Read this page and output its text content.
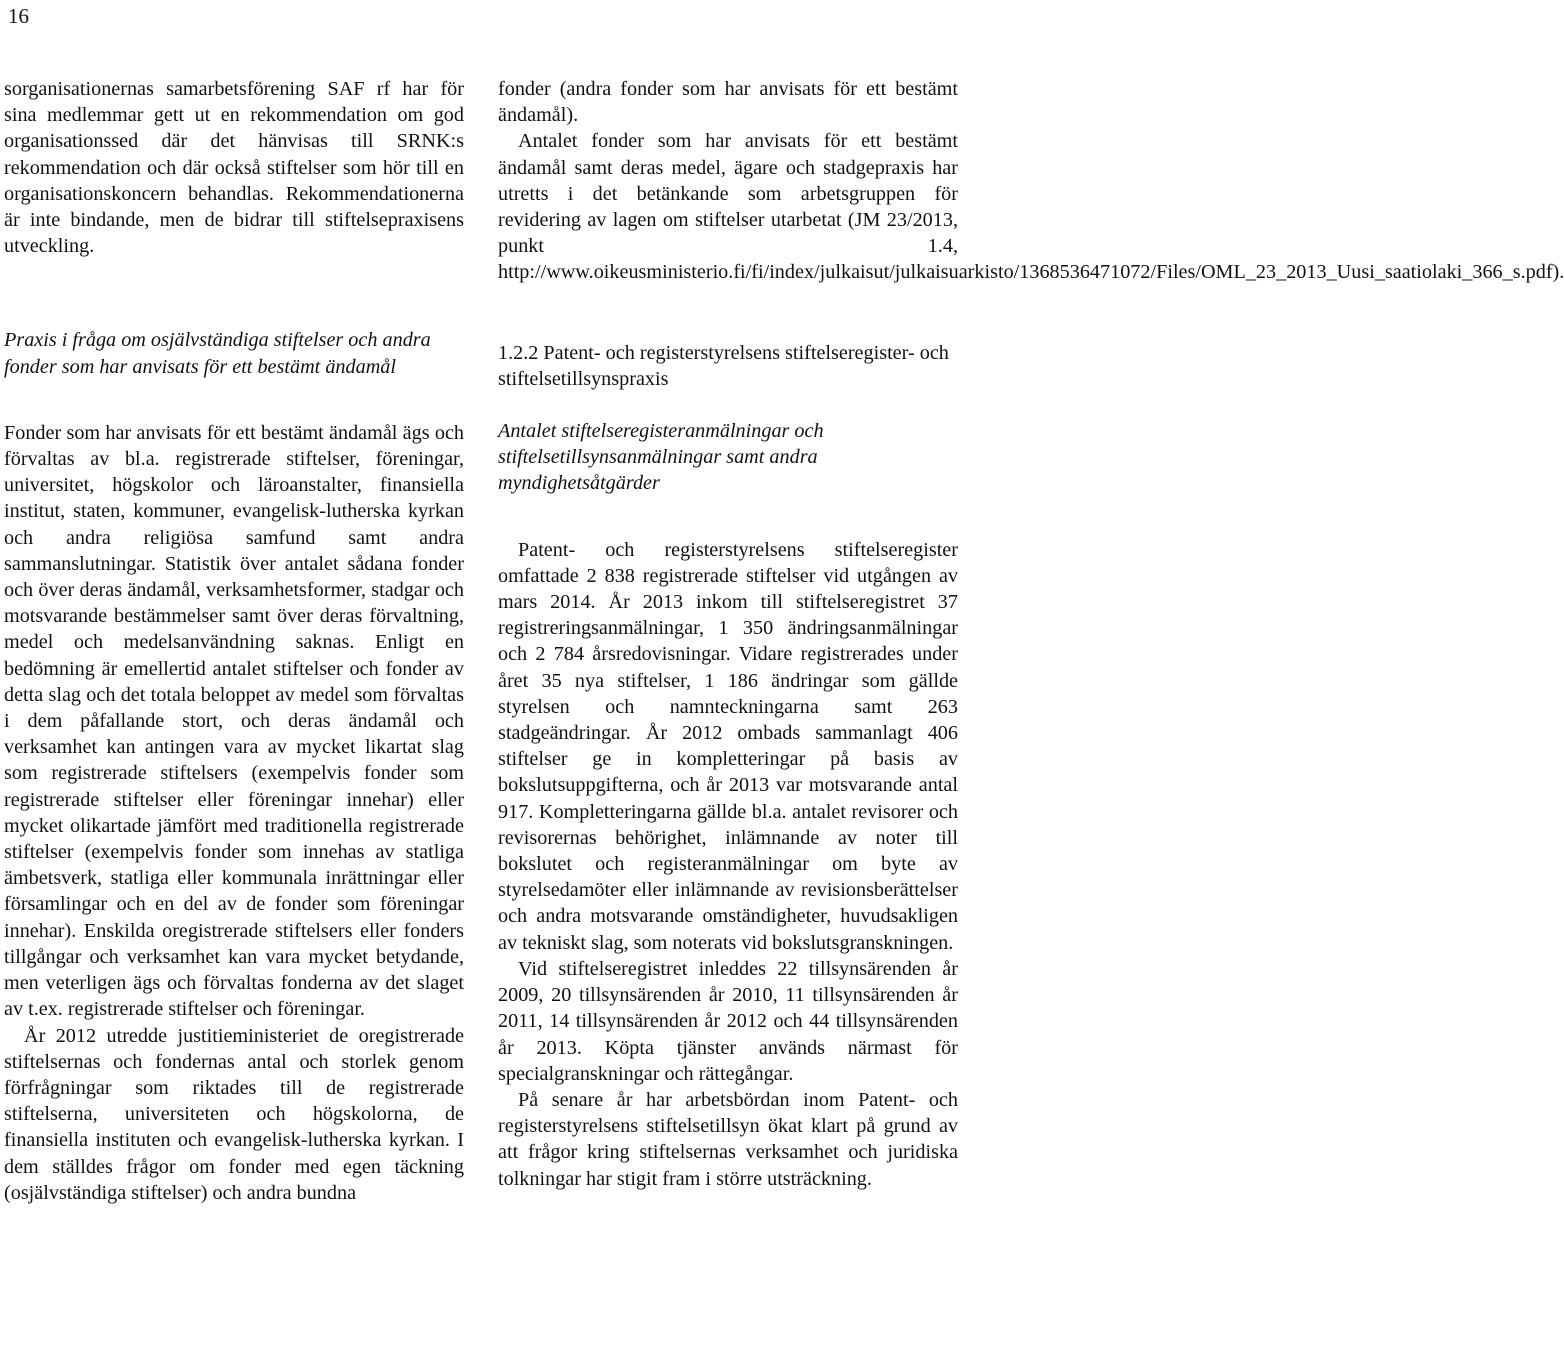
16

sorganisationernas samarbetsförening SAF rf har för sina medlemmar gett ut en rekommendation om god organisationssed där det hänvisas till SRNK:s rekommendation och där också stiftelser som hör till en organisationskoncern behandlas. Rekommendationerna är inte bindande, men de bidrar till stiftelsepraxisens utveckling.

Praxis i fråga om osjälvständiga stiftelser och andra fonder som har anvisats för ett bestämt ändamål

Fonder som har anvisats för ett bestämt ändamål ägs och förvaltas av bl.a. registrerade stiftelser, föreningar, universitet, högskolor och läroanstalter, finansiella institut, staten, kommuner, evangelisk-lutherska kyrkan och andra religiösa samfund samt andra sammanslutningar. Statistik över antalet sådana fonder och över deras ändamål, verksamhetsformer, stadgar och motsvarande bestämmelser samt över deras förvaltning, medel och medelsanvändning saknas. Enligt en bedömning är emellertid antalet stiftelser och fonder av detta slag och det totala beloppet av medel som förvaltas i dem påfallande stort, och deras ändamål och verksamhet kan antingen vara av mycket likartat slag som registrerade stiftelsers (exempelvis fonder som registrerade stiftelser eller föreningar innehar) eller mycket olikartade jämfört med traditionella registrerade stiftelser (exempelvis fonder som innehas av statliga ämbetsverk, statliga eller kommunala inrättningar eller församlingar och en del av de fonder som föreningar innehar). Enskilda oregistrerade stiftelsers eller fonders tillgångar och verksamhet kan vara mycket betydande, men veterligen ägs och förvaltas fonderna av det slaget av t.ex. registrerade stiftelser och föreningar.

År 2012 utredde justitieministeriet de oregistrerade stiftelsernas och fondernas antal och storlek genom förfrågningar som riktades till de registrerade stiftelserna, universiteten och högskolorna, de finansiella instituten och evangelisk-lutherska kyrkan. I dem ställdes frågor om fonder med egen täckning (osjälvständiga stiftelser) och andra bundna

fonder (andra fonder som har anvisats för ett bestämt ändamål).

Antalet fonder som har anvisats för ett bestämt ändamål samt deras medel, ägare och stadgepraxis har utretts i det betänkande som arbetsgruppen för revidering av lagen om stiftelser utarbetat (JM 23/2013, punkt 1.4, http://www.oikeusministerio.fi/fi/index/julkaisut/julkaisuarkisto/1368536471072/Files/OML_23_2013_Uusi_saatiolaki_366_s.pdf).

1.2.2 Patent- och registerstyrelsens stiftelseregister- och stiftelsetillsynspraxis

Antalet stiftelseregisteranmälningar och stiftelsetillsynsanmälningar samt andra myndighetsåtgärder

Patent- och registerstyrelsens stiftelseregister omfattade 2 838 registrerade stiftelser vid utgången av mars 2014. År 2013 inkom till stiftelseregistret 37 registreringsanmälningar, 1 350 ändringsanmälningar och 2 784 årsredovisningar. Vidare registrerades under året 35 nya stiftelser, 1 186 ändringar som gällde styrelsen och namnteckningarna samt 263 stadgeändringar. År 2012 ombads sammanlagt 406 stiftelser ge in kompletteringar på basis av bokslutsuppgifterna, och år 2013 var motsvarande antal 917. Kompletteringarna gällde bl.a. antalet revisorer och revisorernas behörighet, inlämnande av noter till bokslutet och registeranmälningar om byte av styrelsedamöter eller inlämnande av revisionsberättelser och andra motsvarande omständigheter, huvudsakligen av tekniskt slag, som noterats vid bokslutsgranskningen.

Vid stiftelseregistret inleddes 22 tillsynsärenden år 2009, 20 tillsynsärenden år 2010, 11 tillsynsärenden år 2011, 14 tillsynsärenden år 2012 och 44 tillsynsärenden år 2013. Köpta tjänster används närmast för specialgranskningar och rättegångar.

På senare år har arbetsbördan inom Patent- och registerstyrelsens stiftelsetillsyn ökat klart på grund av att frågor kring stiftelsernas verksamhet och juridiska tolkningar har stigit fram i större utsträckning.
